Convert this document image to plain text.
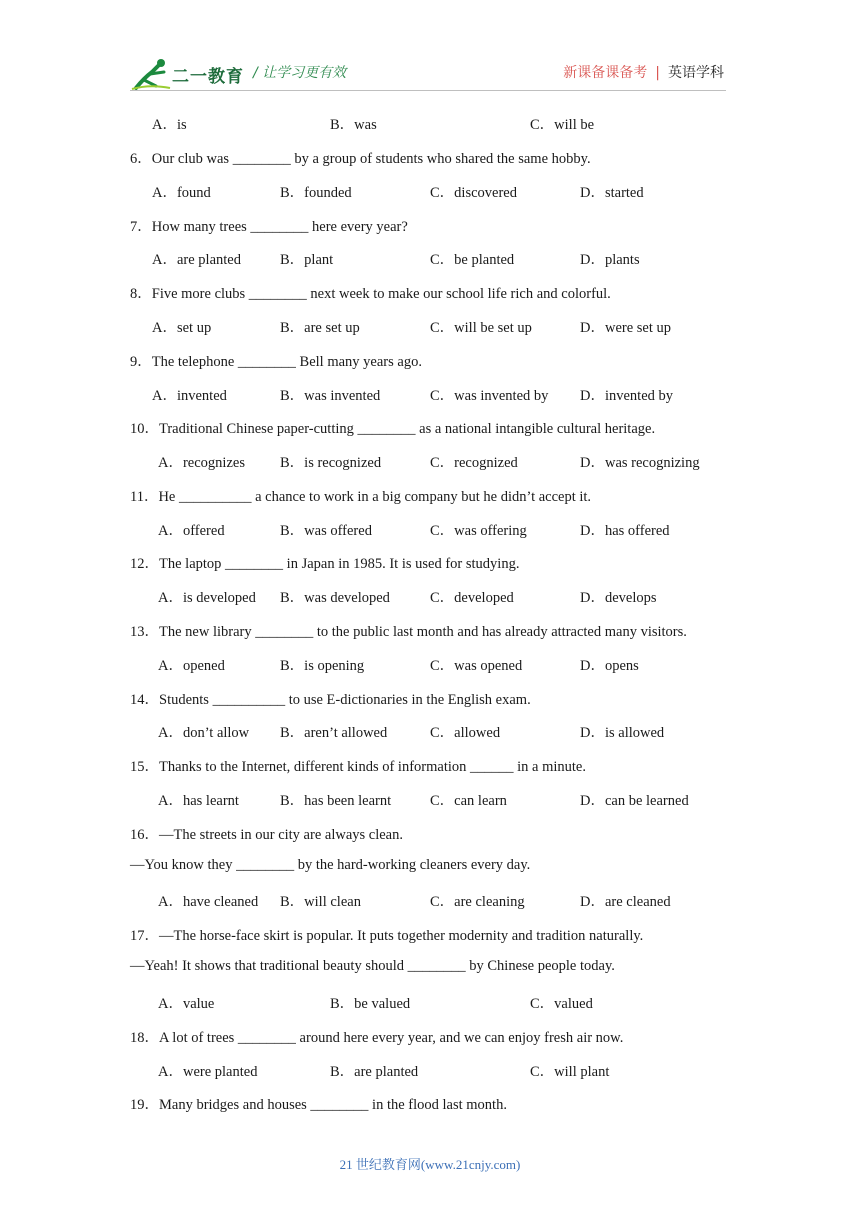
二一教育 / 让学习更有效	新课备课备考 | 英语学科
A．is	B．was	C．will be
6．Our club was ________ by a group of students who shared the same hobby.
A．found	B．founded	C．discovered	D．started
7．How many trees ________ here every year?
A．are planted	B．plant	C．be planted	D．plants
8．Five more clubs ________ next week to make our school life rich and colorful.
A．set up	B．are set up	C．will be set up	D．were set up
9．The telephone ________ Bell many years ago.
A．invented	B．was invented	C．was invented by D．invented by
10．Traditional Chinese paper-cutting ________ as a national intangible cultural heritage.
A．recognizes B．is recognized	C．recognized	D．was recognizing
11．He __________ a chance to work in a big company but he didn’t accept it.
A．offered	B．was offered	C．was offering	D．has offered
12．The laptop ________ in Japan in 1985. It is used for studying.
A．is developed B．was developed	C．developed	D．develops
13．The new library ________ to the public last month and has already attracted many visitors.
A．opened	B．is opening	C．was opened	D．opens
14．Students __________ to use E-dictionaries in the English exam.
A．don’t allow B．aren’t allowed	C．allowed	D．is allowed
15．Thanks to the Internet, different kinds of information ______ in a minute.
A．has learnt	B．has been learnt	C．can learn	D．can be learned
16．—The streets in our city are always clean.
—You know they ________ by the hard-working cleaners every day.
A．have cleaned B．will clean	C．are cleaning	D．are cleaned
17．—The horse-face skirt is popular. It puts together modernity and tradition naturally.
—Yeah! It shows that traditional beauty should ________ by Chinese people today.
A．value	B．be valued	C．valued
18．A lot of trees ________ around here every year, and we can enjoy fresh air now.
A．were planted	B．are planted	C．will plant
19．Many bridges and houses ________ in the flood last month.
21 世纪教育网(www.21cnjy.com)
